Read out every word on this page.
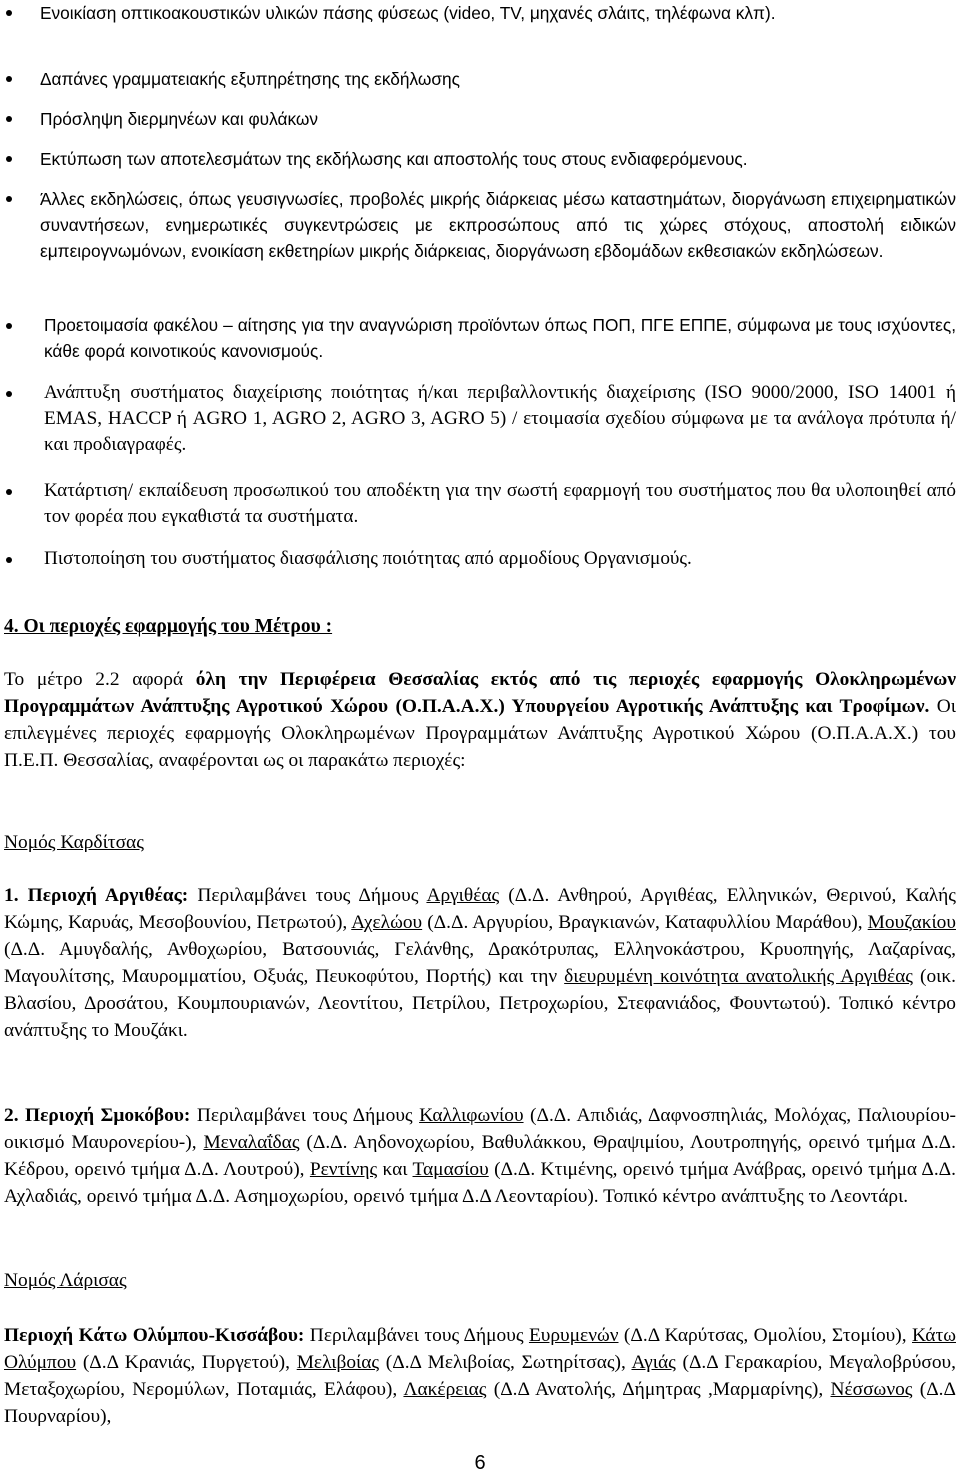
Ενοικίαση οπτικοακουστικών υλικών πάσης φύσεως (video, TV, μηχανές σλάιτς, τηλέφωνα κλπ).

Δαπάνες γραμματειακής εξυπηρέτησης της εκδήλωσης

Πρόσληψη διερμηνέων και φυλάκων

Εκτύπωση των αποτελεσμάτων της εκδήλωσης και αποστολής τους στους ενδιαφερόμενους.

Άλλες εκδηλώσεις, όπως γευσιγνωσίες, προβολές μικρής διάρκειας μέσω καταστημάτων, διοργάνωση επιχειρηματικών συναντήσεων, ενημερωτικές συγκεντρώσεις με εκπροσώπους από τις χώρες στόχους, αποστολή ειδικών εμπειρογνωμόνων, ενοικίαση εκθετηρίων μικρής διάρκειας, διοργάνωση εβδομάδων εκθεσιακών εκδηλώσεων.

Προετοιμασία φακέλου – αίτησης για την αναγνώριση προϊόντων όπως ΠΟΠ, ΠΓΕ ΕΠΠΕ, σύμφωνα με τους ισχύοντες, κάθε φορά κοινοτικούς κανονισμούς.

Ανάπτυξη συστήματος διαχείρισης ποιότητας ή/και περιβαλλοντικής διαχείρισης (ISO 9000/2000, ISO 14001 ή EMAS, HACCP ή AGRO 1, AGRO 2, AGRO 3, AGRO 5) / ετοιμασία σχεδίου σύμφωνα με τα ανάλογα πρότυπα ή/και προδιαγραφές.

Κατάρτιση/ εκπαίδευση προσωπικού του αποδέκτη για την σωστή εφαρμογή του συστήματος που θα υλοποιηθεί από τον φορέα που εγκαθιστά τα συστήματα.

Πιστοποίηση του συστήματος διασφάλισης ποιότητας από αρμοδίους Οργανισμούς.

4. Οι περιοχές εφαρμογής του Μέτρου :

Το μέτρο 2.2 αφορά όλη την Περιφέρεια Θεσσαλίας εκτός από τις περιοχές εφαρμογής Ολοκληρωμένων Προγραμμάτων Ανάπτυξης Αγροτικού Χώρου (Ο.Π.Α.Α.Χ.) Υπουργείου Αγροτικής Ανάπτυξης και Τροφίμων. Οι επιλεγμένες περιοχές εφαρμογής Ολοκληρωμένων Προγραμμάτων Ανάπτυξης Αγροτικού Χώρου (Ο.Π.Α.Α.Χ.) του Π.Ε.Π. Θεσσαλίας, αναφέρονται ως οι παρακάτω περιοχές:

Νομός Καρδίτσας

1. Περιοχή Αργιθέας: Περιλαμβάνει τους Δήμους Αργιθέας (Δ.Δ. Ανθηρού, Αργιθέας, Ελληνικών, Θερινού, Καλής Κώμης, Καρυάς, Μεσοβουνίου, Πετρωτού), Αχελώου (Δ.Δ. Αργυρίου, Βραγκιανών, Καταφυλλίου Μαράθου), Μουζακίου (Δ.Δ. Αμυγδαλής, Ανθοχωρίου, Βατσουνιάς, Γελάνθης, Δρακότρυπας, Ελληνοκάστρου, Κρυοπηγής, Λαζαρίνας, Μαγουλίτσης, Μαυρομματίου, Οξυάς, Πευκοφύτου, Πορτής) και την διευρυμένη κοινότητα ανατολικής Αργιθέας (οικ. Βλασίου, Δροσάτου, Κουμπουριανών, Λεοντίτου, Πετρίλου, Πετροχωρίου, Στεφανιάδος, Φουντωτού). Τοπικό κέντρο ανάπτυξης το Μουζάκι.

2. Περιοχή Σμοκόβου: Περιλαμβάνει τους Δήμους Καλλιφωνίου (Δ.Δ. Απιδιάς, Δαφνοσπηλιάς, Μολόχας, Παλιουρίου- οικισμό Μαυρονερίου-), Μεναλαΐδας (Δ.Δ. Αηδονοχωρίου, Βαθυλάκκου, Θραψιμίου, Λουτροπηγής, ορεινό τμήμα Δ.Δ. Κέδρου, ορεινό τμήμα Δ.Δ. Λουτρού), Ρεντίνης και Ταμασίου (Δ.Δ. Κτιμένης, ορεινό τμήμα Ανάβρας, ορεινό τμήμα Δ.Δ. Αχλαδιάς, ορεινό τμήμα Δ.Δ. Ασημοχωρίου, ορεινό τμήμα Δ.Δ Λεονταρίου). Τοπικό κέντρο ανάπτυξης το Λεοντάρι.

Νομός Λάρισας

Περιοχή Κάτω Ολύμπου-Κισσάβου: Περιλαμβάνει τους Δήμους Ευρυμενών (Δ.Δ Καρύτσας, Ομολίου, Στομίου), Κάτω Ολύμπου (Δ.Δ Κρανιάς, Πυργετού), Μελιβοίας (Δ.Δ Μελιβοίας, Σωτηρίτσας), Αγιάς (Δ.Δ Γερακαρίου, Μεγαλοβρύσου, Μεταξοχωρίου, Νερομύλων, Ποταμιάς, Ελάφου), Λακέρειας (Δ.Δ Ανατολής, Δήμητρας ,Μαρμαρίνης), Νέσσωνος (Δ.Δ Πουρναρίου),

6
